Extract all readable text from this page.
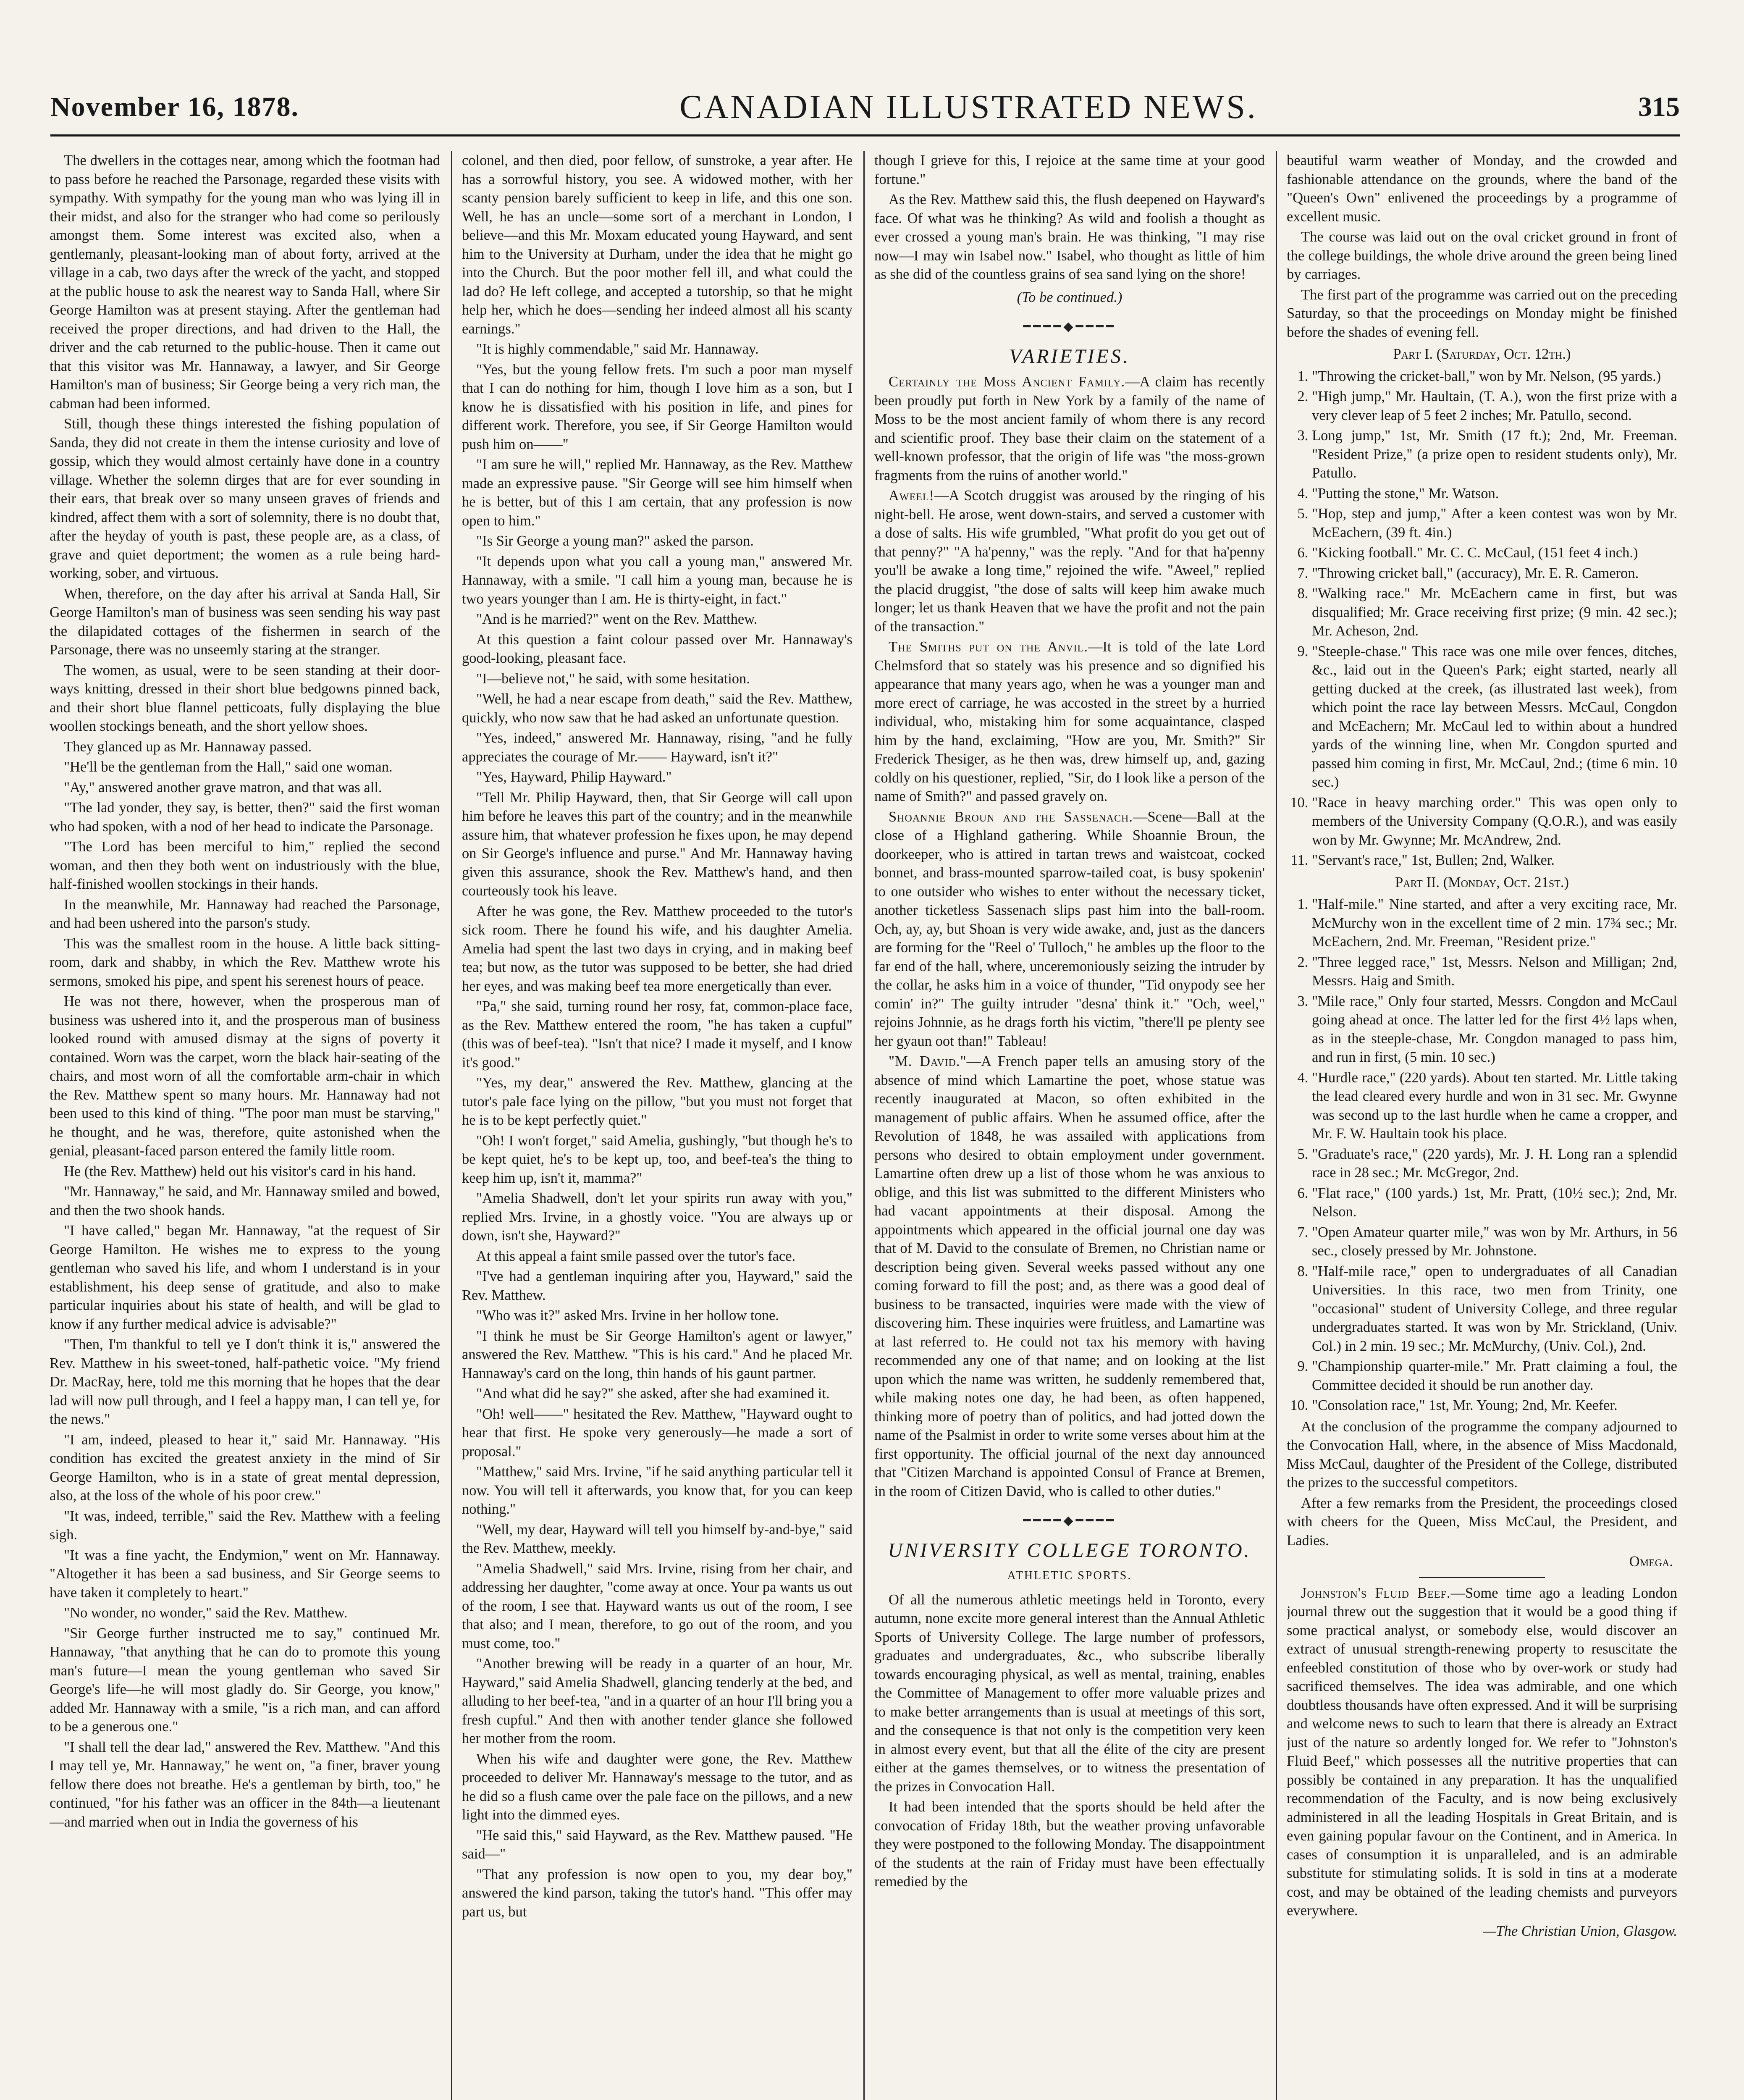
November 16, 1878.	CANADIAN ILLUSTRATED NEWS.	315

The dwellers in the cottages near, among which the footman had to pass before he reached the Parsonage, regarded these visits with sympathy. With sympathy for the young man who was lying ill in their midst, and also for the stranger who had come so perilously amongst them. Some interest was excited also, when a gentlemanly, pleasant-looking man of about forty, arrived at the village in a cab, two days after the wreck of the yacht, and stopped at the public house to ask the nearest way to Sanda Hall, where Sir George Hamilton was at present staying. After the gentleman had received the proper directions, and had driven to the Hall, the driver and the cab returned to the public-house. Then it came out that this visitor was Mr. Hannaway, a lawyer, and Sir George Hamilton's man of business; Sir George being a very rich man, the cabman had been informed.

Still, though these things interested the fishing population of Sanda, they did not create in them the intense curiosity and love of gossip, which they would almost certainly have done in a country village. Whether the solemn dirges that are for ever sounding in their ears, that break over so many unseen graves of friends and kindred, affect them with a sort of solemnity, there is no doubt that, after the heyday of youth is past, these people are, as a class, of grave and quiet deportment; the women as a rule being hard-working, sober, and virtuous.

When, therefore, on the day after his arrival at Sanda Hall, Sir George Hamilton's man of business was seen sending his way past the dilapidated cottages of the fishermen in search of the Parsonage, there was no unseemly staring at the stranger.

The women, as usual, were to be seen standing at their door-ways knitting, dressed in their short blue bedgowns pinned back, and their short blue flannel petticoats, fully displaying the blue woollen stockings beneath, and the short yellow shoes.

They glanced up as Mr. Hannaway passed.

"He'll be the gentleman from the Hall," said one woman.

"Ay," answered another grave matron, and that was all.

"The lad yonder, they say, is better, then?" said the first woman who had spoken, with a nod of her head to indicate the Parsonage.

"The Lord has been merciful to him," replied the second woman, and then they both went on industriously with the blue, half-finished woollen stockings in their hands.

In the meanwhile, Mr. Hannaway had reached the Parsonage, and had been ushered into the parson's study.

This was the smallest room in the house. A little back sitting-room, dark and shabby, in which the Rev. Matthew wrote his sermons, smoked his pipe, and spent his serenest hours of peace.

He was not there, however, when the prosperous man of business was ushered into it, and the prosperous man of business looked round with amused dismay at the signs of poverty it contained. Worn was the carpet, worn the black hair-seating of the chairs, and most worn of all the comfortable arm-chair in which the Rev. Matthew spent so many hours. Mr. Hannaway had not been used to this kind of thing. "The poor man must be starving," he thought, and he was, therefore, quite astonished when the genial, pleasant-faced parson entered the family little room.

He (the Rev. Matthew) held out his visitor's card in his hand.

"Mr. Hannaway," he said, and Mr. Hannaway smiled and bowed, and then the two shook hands.

"I have called," began Mr. Hannaway, "at the request of Sir George Hamilton. He wishes me to express to the young gentleman who saved his life, and whom I understand is in your establishment, his deep sense of gratitude, and also to make particular inquiries about his state of health, and will be glad to know if any further medical advice is advisable?"

"Then, I'm thankful to tell ye I don't think it is," answered the Rev. Matthew in his sweet-toned, half-pathetic voice. "My friend Dr. MacRay, here, told me this morning that he hopes that the dear lad will now pull through, and I feel a happy man, I can tell ye, for the news."

"I am, indeed, pleased to hear it," said Mr. Hannaway. "His condition has excited the greatest anxiety in the mind of Sir George Hamilton, who is in a state of great mental depression, also, at the loss of the whole of his poor crew."

"It was, indeed, terrible," said the Rev. Matthew with a feeling sigh.

"It was a fine yacht, the Endymion," went on Mr. Hannaway. "Altogether it has been a sad business, and Sir George seems to have taken it completely to heart."

"No wonder, no wonder," said the Rev. Matthew.

"Sir George further instructed me to say," continued Mr. Hannaway, "that anything that he can do to promote this young man's future—I mean the young gentleman who saved Sir George's life—he will most gladly do. Sir George, you know," added Mr. Hannaway with a smile, "is a rich man, and can afford to be a generous one."

"I shall tell the dear lad," answered the Rev. Matthew. "And this I may tell ye, Mr. Hannaway," he went on, "a finer, braver young fellow there does not breathe. He's a gentleman by birth, too," he continued, "for his father was an officer in the 84th—a lieutenant—and married when out in India the governess of his

colonel, and then died, poor fellow, of sunstroke, a year after. He has a sorrowful history, you see. A widowed mother, with her scanty pension barely sufficient to keep in life, and this one son. Well, he has an uncle—some sort of a merchant in London, I believe—and this Mr. Moxam educated young Hayward, and sent him to the University at Durham, under the idea that he might go into the Church. But the poor mother fell ill, and what could the lad do? He left college, and accepted a tutorship, so that he might help her, which he does—sending her indeed almost all his scanty earnings."

"It is highly commendable," said Mr. Hannaway.

"Yes, but the young fellow frets. I'm such a poor man myself that I can do nothing for him, though I love him as a son, but I know he is dissatisfied with his position in life, and pines for different work. Therefore, you see, if Sir George Hamilton would push him on——"

"I am sure he will," replied Mr. Hannaway, as the Rev. Matthew made an expressive pause. "Sir George will see him himself when he is better, but of this I am certain, that any profession is now open to him."

"Is Sir George a young man?" asked the parson.

"It depends upon what you call a young man," answered Mr. Hannaway, with a smile. "I call him a young man, because he is two years younger than I am. He is thirty-eight, in fact."

"And is he married?" went on the Rev. Matthew.

At this question a faint colour passed over Mr. Hannaway's good-looking, pleasant face.

"I—believe not," he said, with some hesitation.

"Well, he had a near escape from death," said the Rev. Matthew, quickly, who now saw that he had asked an unfortunate question.

"Yes, indeed," answered Mr. Hannaway, rising, "and he fully appreciates the courage of Mr.—— Hayward, isn't it?"

"Yes, Hayward, Philip Hayward."

"Tell Mr. Philip Hayward, then, that Sir George will call upon him before he leaves this part of the country; and in the meanwhile assure him, that whatever profession he fixes upon, he may depend on Sir George's influence and purse." And Mr. Hannaway having given this assurance, shook the Rev. Matthew's hand, and then courteously took his leave.

After he was gone, the Rev. Matthew proceeded to the tutor's sick room. There he found his wife, and his daughter Amelia. Amelia had spent the last two days in crying, and in making beef tea; but now, as the tutor was supposed to be better, she had dried her eyes, and was making beef tea more energetically than ever.

"Pa," she said, turning round her rosy, fat, common-place face, as the Rev. Matthew entered the room, "he has taken a cupful" (this was of beef-tea). "Isn't that nice? I made it myself, and I know it's good."

"Yes, my dear," answered the Rev. Matthew, glancing at the tutor's pale face lying on the pillow, "but you must not forget that he is to be kept perfectly quiet."

"Oh! I won't forget," said Amelia, gushingly, "but though he's to be kept quiet, he's to be kept up, too, and beef-tea's the thing to keep him up, isn't it, mamma?"

"Amelia Shadwell, don't let your spirits run away with you," replied Mrs. Irvine, in a ghostly voice. "You are always up or down, isn't she, Hayward?"

At this appeal a faint smile passed over the tutor's face.

"I've had a gentleman inquiring after you, Hayward," said the Rev. Matthew.

"Who was it?" asked Mrs. Irvine in her hollow tone.

"I think he must be Sir George Hamilton's agent or lawyer," answered the Rev. Matthew. "This is his card." And he placed Mr. Hannaway's card on the long, thin hands of his gaunt partner.

"And what did he say?" she asked, after she had examined it.

"Oh! well——" hesitated the Rev. Matthew, "Hayward ought to hear that first. He spoke very generously—he made a sort of proposal."

"Matthew," said Mrs. Irvine, "if he said anything particular tell it now. You will tell it afterwards, you know that, for you can keep nothing."

"Well, my dear, Hayward will tell you himself by-and-bye," said the Rev. Matthew, meekly.

"Amelia Shadwell," said Mrs. Irvine, rising from her chair, and addressing her daughter, "come away at once. Your pa wants us out of the room, I see that. Hayward wants us out of the room, I see that also; and I mean, therefore, to go out of the room, and you must come, too."

"Another brewing will be ready in a quarter of an hour, Mr. Hayward," said Amelia Shadwell, glancing tenderly at the bed, and alluding to her beef-tea, "and in a quarter of an hour I'll bring you a fresh cupful." And then with another tender glance she followed her mother from the room.

When his wife and daughter were gone, the Rev. Matthew proceeded to deliver Mr. Hannaway's message to the tutor, and as he did so a flush came over the pale face on the pillows, and a new light into the dimmed eyes.

"He said this," said Hayward, as the Rev. Matthew paused. "He said—"

"That any profession is now open to you, my dear boy," answered the kind parson, taking the tutor's hand. "This offer may part us, but

though I grieve for this, I rejoice at the same time at your good fortune."

As the Rev. Matthew said this, the flush deepened on Hayward's face. Of what was he thinking? As wild and foolish a thought as ever crossed a young man's brain. He was thinking, "I may rise now—I may win Isabel now." Isabel, who thought as little of him as she did of the countless grains of sea sand lying on the shore!

(To be continued.)
━━━━◆━━━━
VARIETIES.

Certainly the Moss Ancient Family.—A claim has recently been proudly put forth in New York by a family of the name of Moss to be the most ancient family of whom there is any record and scientific proof. They base their claim on the statement of a well-known professor, that the origin of life was "the moss-grown fragments from the ruins of another world."

Aweel!—A Scotch druggist was aroused by the ringing of his night-bell. He arose, went down-stairs, and served a customer with a dose of salts. His wife grumbled, "What profit do you get out of that penny?" "A ha'penny," was the reply. "And for that ha'penny you'll be awake a long time," rejoined the wife. "Aweel," replied the placid druggist, "the dose of salts will keep him awake much longer; let us thank Heaven that we have the profit and not the pain of the transaction."

The Smiths put on the Anvil.—It is told of the late Lord Chelmsford that so stately was his presence and so dignified his appearance that many years ago, when he was a younger man and more erect of carriage, he was accosted in the street by a hurried individual, who, mistaking him for some acquaintance, clasped him by the hand, exclaiming, "How are you, Mr. Smith?" Sir Frederick Thesiger, as he then was, drew himself up, and, gazing coldly on his questioner, replied, "Sir, do I look like a person of the name of Smith?" and passed gravely on.

Shoannie Broun and the Sassenach.—Scene—Ball at the close of a Highland gathering. While Shoannie Broun, the doorkeeper, who is attired in tartan trews and waistcoat, cocked bonnet, and brass-mounted sparrow-tailed coat, is busy spokenin' to one outsider who wishes to enter without the necessary ticket, another ticketless Sassenach slips past him into the ball-room. Och, ay, ay, but Shoan is very wide awake, and, just as the dancers are forming for the "Reel o' Tulloch," he ambles up the floor to the far end of the hall, where, unceremoniously seizing the intruder by the collar, he asks him in a voice of thunder, "Tid onypody see her comin' in?" The guilty intruder "desna' think it." "Och, weel," rejoins Johnnie, as he drags forth his victim, "there'll pe plenty see her gyaun oot than!" Tableau!

"M. David."—A French paper tells an amusing story of the absence of mind which Lamartine the poet, whose statue was recently inaugurated at Macon, so often exhibited in the management of public affairs. When he assumed office, after the Revolution of 1848, he was assailed with applications from persons who desired to obtain employment under government. Lamartine often drew up a list of those whom he was anxious to oblige, and this list was submitted to the different Ministers who had vacant appointments at their disposal. Among the appointments which appeared in the official journal one day was that of M. David to the consulate of Bremen, no Christian name or description being given. Several weeks passed without any one coming forward to fill the post; and, as there was a good deal of business to be transacted, inquiries were made with the view of discovering him. These inquiries were fruitless, and Lamartine was at last referred to. He could not tax his memory with having recommended any one of that name; and on looking at the list upon which the name was written, he suddenly remembered that, while making notes one day, he had been, as often happened, thinking more of poetry than of politics, and had jotted down the name of the Psalmist in order to write some verses about him at the first opportunity. The official journal of the next day announced that "Citizen Marchand is appointed Consul of France at Bremen, in the room of Citizen David, who is called to other duties."

━━━━◆━━━━
UNIVERSITY COLLEGE TORONTO.
ATHLETIC SPORTS.

Of all the numerous athletic meetings held in Toronto, every autumn, none excite more general interest than the Annual Athletic Sports of University College. The large number of professors, graduates and undergraduates, &c., who subscribe liberally towards encouraging physical, as well as mental, training, enables the Committee of Management to offer more valuable prizes and to make better arrangements than is usual at meetings of this sort, and the consequence is that not only is the competition very keen in almost every event, but that all the élite of the city are present either at the games themselves, or to witness the presentation of the prizes in Convocation Hall.

It had been intended that the sports should be held after the convocation of Friday 18th, but the weather proving unfavorable they were postponed to the following Monday. The disappointment of the students at the rain of Friday must have been effectually remedied by the

beautiful warm weather of Monday, and the crowded and fashionable attendance on the grounds, where the band of the "Queen's Own" enlivened the proceedings by a programme of excellent music.

The course was laid out on the oval cricket ground in front of the college buildings, the whole drive around the green being lined by carriages.

The first part of the programme was carried out on the preceding Saturday, so that the proceedings on Monday might be finished before the shades of evening fell.

Part I. (Saturday, Oct. 12th.)
1. "Throwing the cricket-ball," won by Mr. Nelson, (95 yards.)
2. "High jump," Mr. Haultain, (T. A.), won the first prize with a very clever leap of 5 feet 2 inches; Mr. Patullo, second.
3. Long jump," 1st, Mr. Smith (17 ft.); 2nd, Mr. Freeman. "Resident Prize," (a prize open to resident students only), Mr. Patullo.
4. "Putting the stone," Mr. Watson.
5. "Hop, step and jump," After a keen contest was won by Mr. McEachern, (39 ft. 4in.)
6. "Kicking football." Mr. C. C. McCaul, (151 feet 4 inch.)
7. "Throwing cricket ball," (accuracy), Mr. E. R. Cameron.
8. "Walking race." Mr. McEachern came in first, but was disqualified; Mr. Grace receiving first prize; (9 min. 42 sec.); Mr. Acheson, 2nd.
9. "Steeple-chase." This race was one mile over fences, ditches, &c., laid out in the Queen's Park; eight started, nearly all getting ducked at the creek, (as illustrated last week), from which point the race lay between Messrs. McCaul, Congdon and McEachern; Mr. McCaul led to within about a hundred yards of the winning line, when Mr. Congdon spurted and passed him coming in first, Mr. McCaul, 2nd.; (time 6 min. 10 sec.)
10. "Race in heavy marching order." This was open only to members of the University Company (Q.O.R.), and was easily won by Mr. Gwynne; Mr. McAndrew, 2nd.
11. "Servant's race," 1st, Bullen; 2nd, Walker.
Part II. (Monday, Oct. 21st.)
1. "Half-mile." Nine started, and after a very exciting race, Mr. McMurchy won in the excellent time of 2 min. 17¾ sec.; Mr. McEachern, 2nd. Mr. Freeman, "Resident prize."
2. "Three legged race," 1st, Messrs. Nelson and Milligan; 2nd, Messrs. Haig and Smith.
3. "Mile race," Only four started, Messrs. Congdon and McCaul going ahead at once. The latter led for the first 4½ laps when, as in the steeple-chase, Mr. Congdon managed to pass him, and run in first, (5 min. 10 sec.)
4. "Hurdle race," (220 yards). About ten started. Mr. Little taking the lead cleared every hurdle and won in 31 sec. Mr. Gwynne was second up to the last hurdle when he came a cropper, and Mr. F. W. Haultain took his place.
5. "Graduate's race," (220 yards), Mr. J. H. Long ran a splendid race in 28 sec.; Mr. McGregor, 2nd.
6. "Flat race," (100 yards.) 1st, Mr. Pratt, (10½ sec.); 2nd, Mr. Nelson.
7. "Open Amateur quarter mile," was won by Mr. Arthurs, in 56 sec., closely pressed by Mr. Johnstone.
8. "Half-mile race," open to undergraduates of all Canadian Universities. In this race, two men from Trinity, one "occasional" student of University College, and three regular undergraduates started. It was won by Mr. Strickland, (Univ. Col.) in 2 min. 19 sec.; Mr. McMurchy, (Univ. Col.), 2nd.
9. "Championship quarter-mile." Mr. Pratt claiming a foul, the Committee decided it should be run another day.
10. "Consolation race," 1st, Mr. Young; 2nd, Mr. Keefer.

At the conclusion of the programme the company adjourned to the Convocation Hall, where, in the absence of Miss Macdonald, Miss McCaul, daughter of the President of the College, distributed the prizes to the successful competitors.

After a few remarks from the President, the proceedings closed with cheers for the Queen, Miss McCaul, the President, and Ladies.

Omega.

Johnston's Fluid Beef.—Some time ago a leading London journal threw out the suggestion that it would be a good thing if some practical analyst, or somebody else, would discover an extract of unusual strength-renewing property to resuscitate the enfeebled constitution of those who by over-work or study had sacrificed themselves. The idea was admirable, and one which doubtless thousands have often expressed. And it will be surprising and welcome news to such to learn that there is already an Extract just of the nature so ardently longed for. We refer to "Johnston's Fluid Beef," which possesses all the nutritive properties that can possibly be contained in any preparation. It has the unqualified recommendation of the Faculty, and is now being exclusively administered in all the leading Hospitals in Great Britain, and is even gaining popular favour on the Continent, and in America. In cases of consumption it is unparalleled, and is an admirable substitute for stimulating solids. It is sold in tins at a moderate cost, and may be obtained of the leading chemists and purveyors everywhere.

—The Christian Union, Glasgow.
